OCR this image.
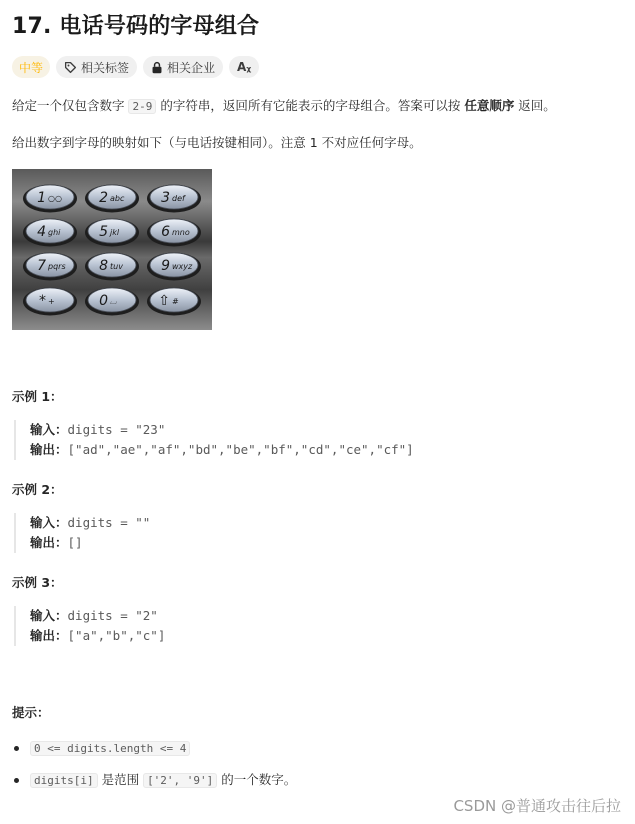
17. 电话号码的字母组合
中等	相关标签	相关企业 Aᵪ
给定一个仅包含数字 2-9 的字符串，返回所有它能表示的字母组合。答案可以按 任意顺序 返回。
给出数字到字母的映射如下（与电话按键相同）。注意 1 不对应任何字母。
1 ○○	2 abc	3 def
4 ghi	5 jkl	6 mno
7 pqrs 8 tuv	9 wxyz
* +	0 ⌴	⇧ #
示例 1：
输入：digits = "23"
输出：["ad","ae","af","bd","be","bf","cd","ce","cf"]
示例 2：
输入：digits = ""
输出：[]
示例 3：
输入：digits = "2"
输出：["a","b","c"]
提示：
0 <= digits.length <= 4
digits[i] 是范围 ['2', '9'] 的一个数字。
CSDN @普通攻击往后拉
